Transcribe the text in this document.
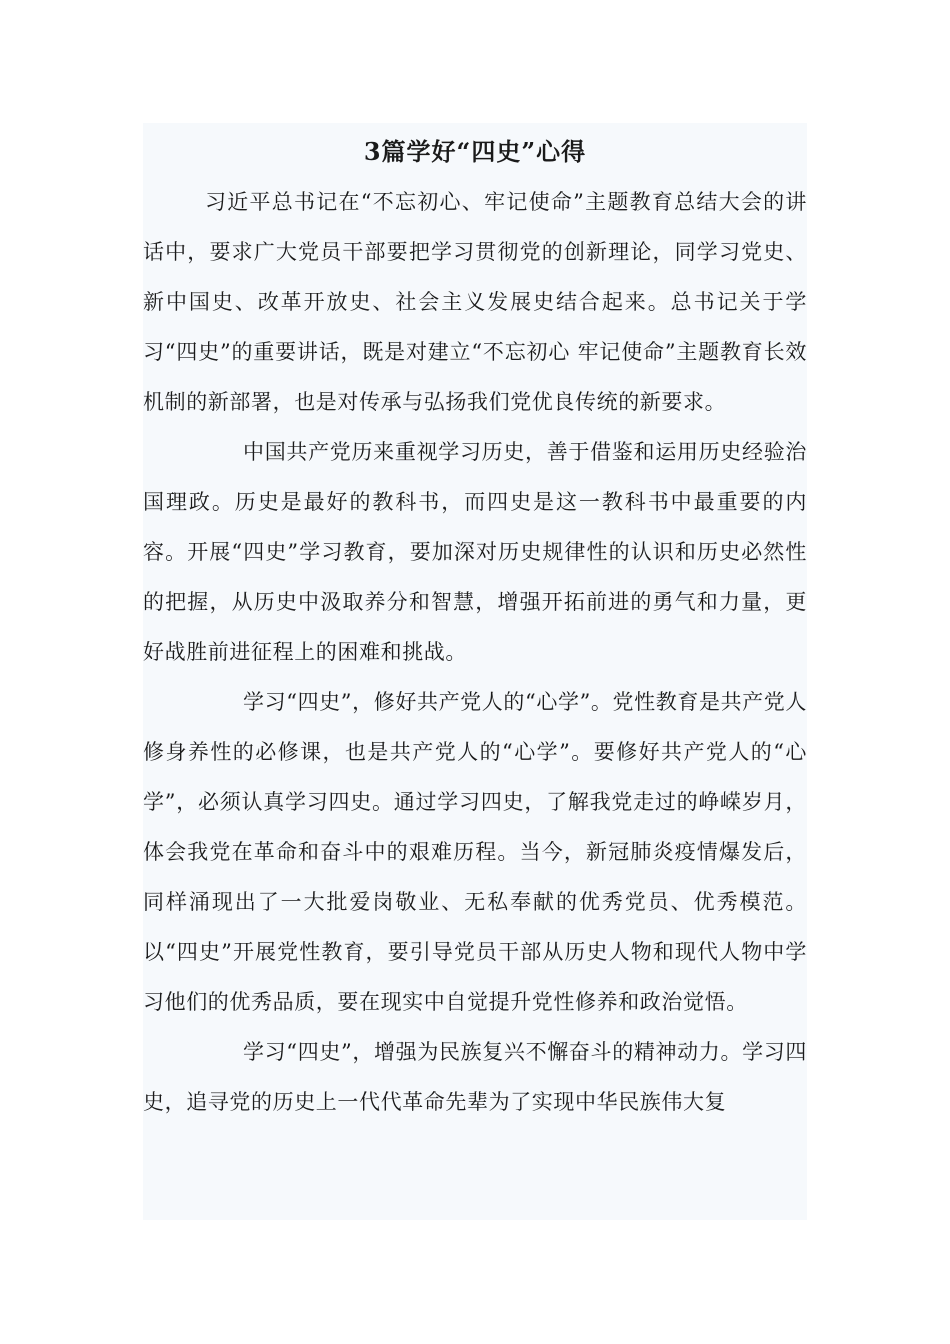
3篇学好“四史”心得

习近平总书记在“不忘初心、牢记使命”主题教育总结大会的讲话中，要求广大党员干部要把学习贯彻党的创新理论，同学习党史、新中国史、改革开放史、社会主义发展史结合起来。总书记关于学习“四史”的重要讲话，既是对建立“不忘初心 牢记使命”主题教育长效机制的新部署，也是对传承与弘扬我们党优良传统的新要求。

中国共产党历来重视学习历史，善于借鉴和运用历史经验治国理政。历史是最好的教科书，而四史是这一教科书中最重要的内容。开展“四史”学习教育，要加深对历史规律性的认识和历史必然性的把握，从历史中汲取养分和智慧，增强开拓前进的勇气和力量，更好战胜前进征程上的困难和挑战。

学习“四史”，修好共产党人的“心学”。党性教育是共产党人修身养性的必修课，也是共产党人的“心学”。要修好共产党人的“心学”，必须认真学习四史。通过学习四史，了解我党走过的峥嵘岁月，体会我党在革命和奋斗中的艰难历程。当今，新冠肺炎疫情爆发后，同样涌现出了一大批爱岗敬业、无私奉献的优秀党员、优秀模范。以“四史”开展党性教育，要引导党员干部从历史人物和现代人物中学习他们的优秀品质，要在现实中自觉提升党性修养和政治觉悟。

学习“四史”，增强为民族复兴不懈奋斗的精神动力。学习四史，追寻党的历史上一代代革命先辈为了实现中华民族伟大复
